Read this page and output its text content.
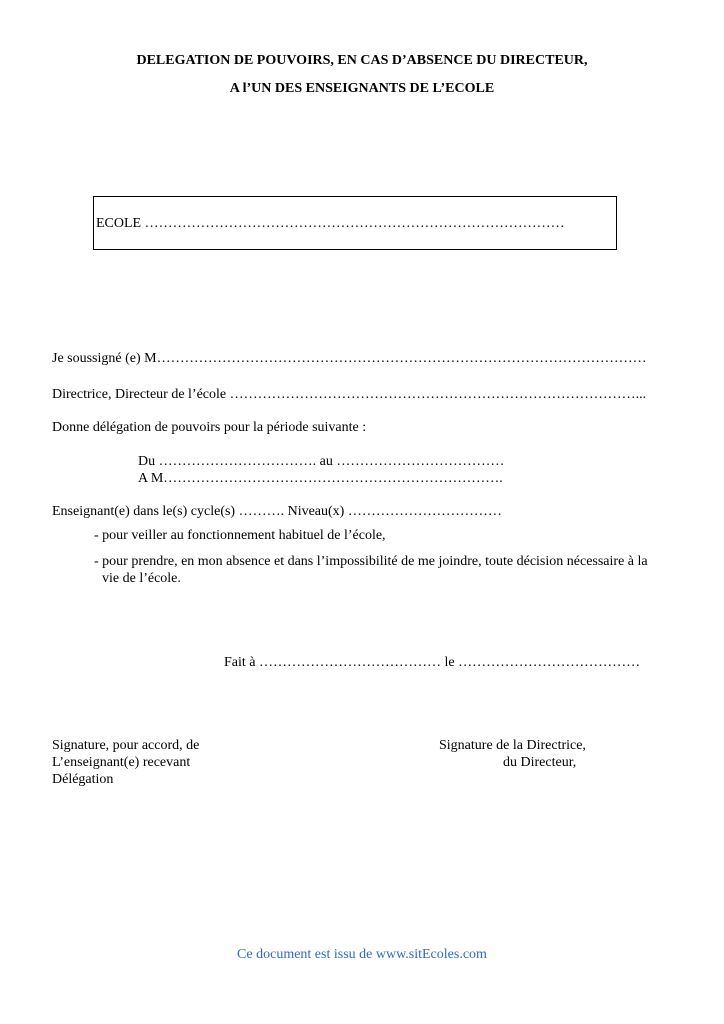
DELEGATION DE POUVOIRS, EN CAS D’ABSENCE DU DIRECTEUR,
A l’UN DES ENSEIGNANTS DE L’ECOLE
ECOLE ………………………………………………………………………………
Je soussigné (e) M……………………………………………………………………………………………
Directrice, Directeur de l’école ……………………………………………………………………………...
Donne délégation de pouvoirs pour la période suivante :
Du ……………………………. au ………………………………
A M……………………………………………………………….
Enseignant(e) dans le(s) cycle(s) ………. Niveau(x) ……………………………
- pour veiller au fonctionnement habituel de l’école,
- pour prendre, en mon absence et dans l’impossibilité de me joindre, toute décision nécessaire à la
vie de l’école.
Fait à ………………………………… le …………………………………
Signature, pour accord, de
L’enseignant(e) recevant
Délégation
Signature de la Directrice,
du Directeur,
Ce document est issu de www.sitEcoles.com
